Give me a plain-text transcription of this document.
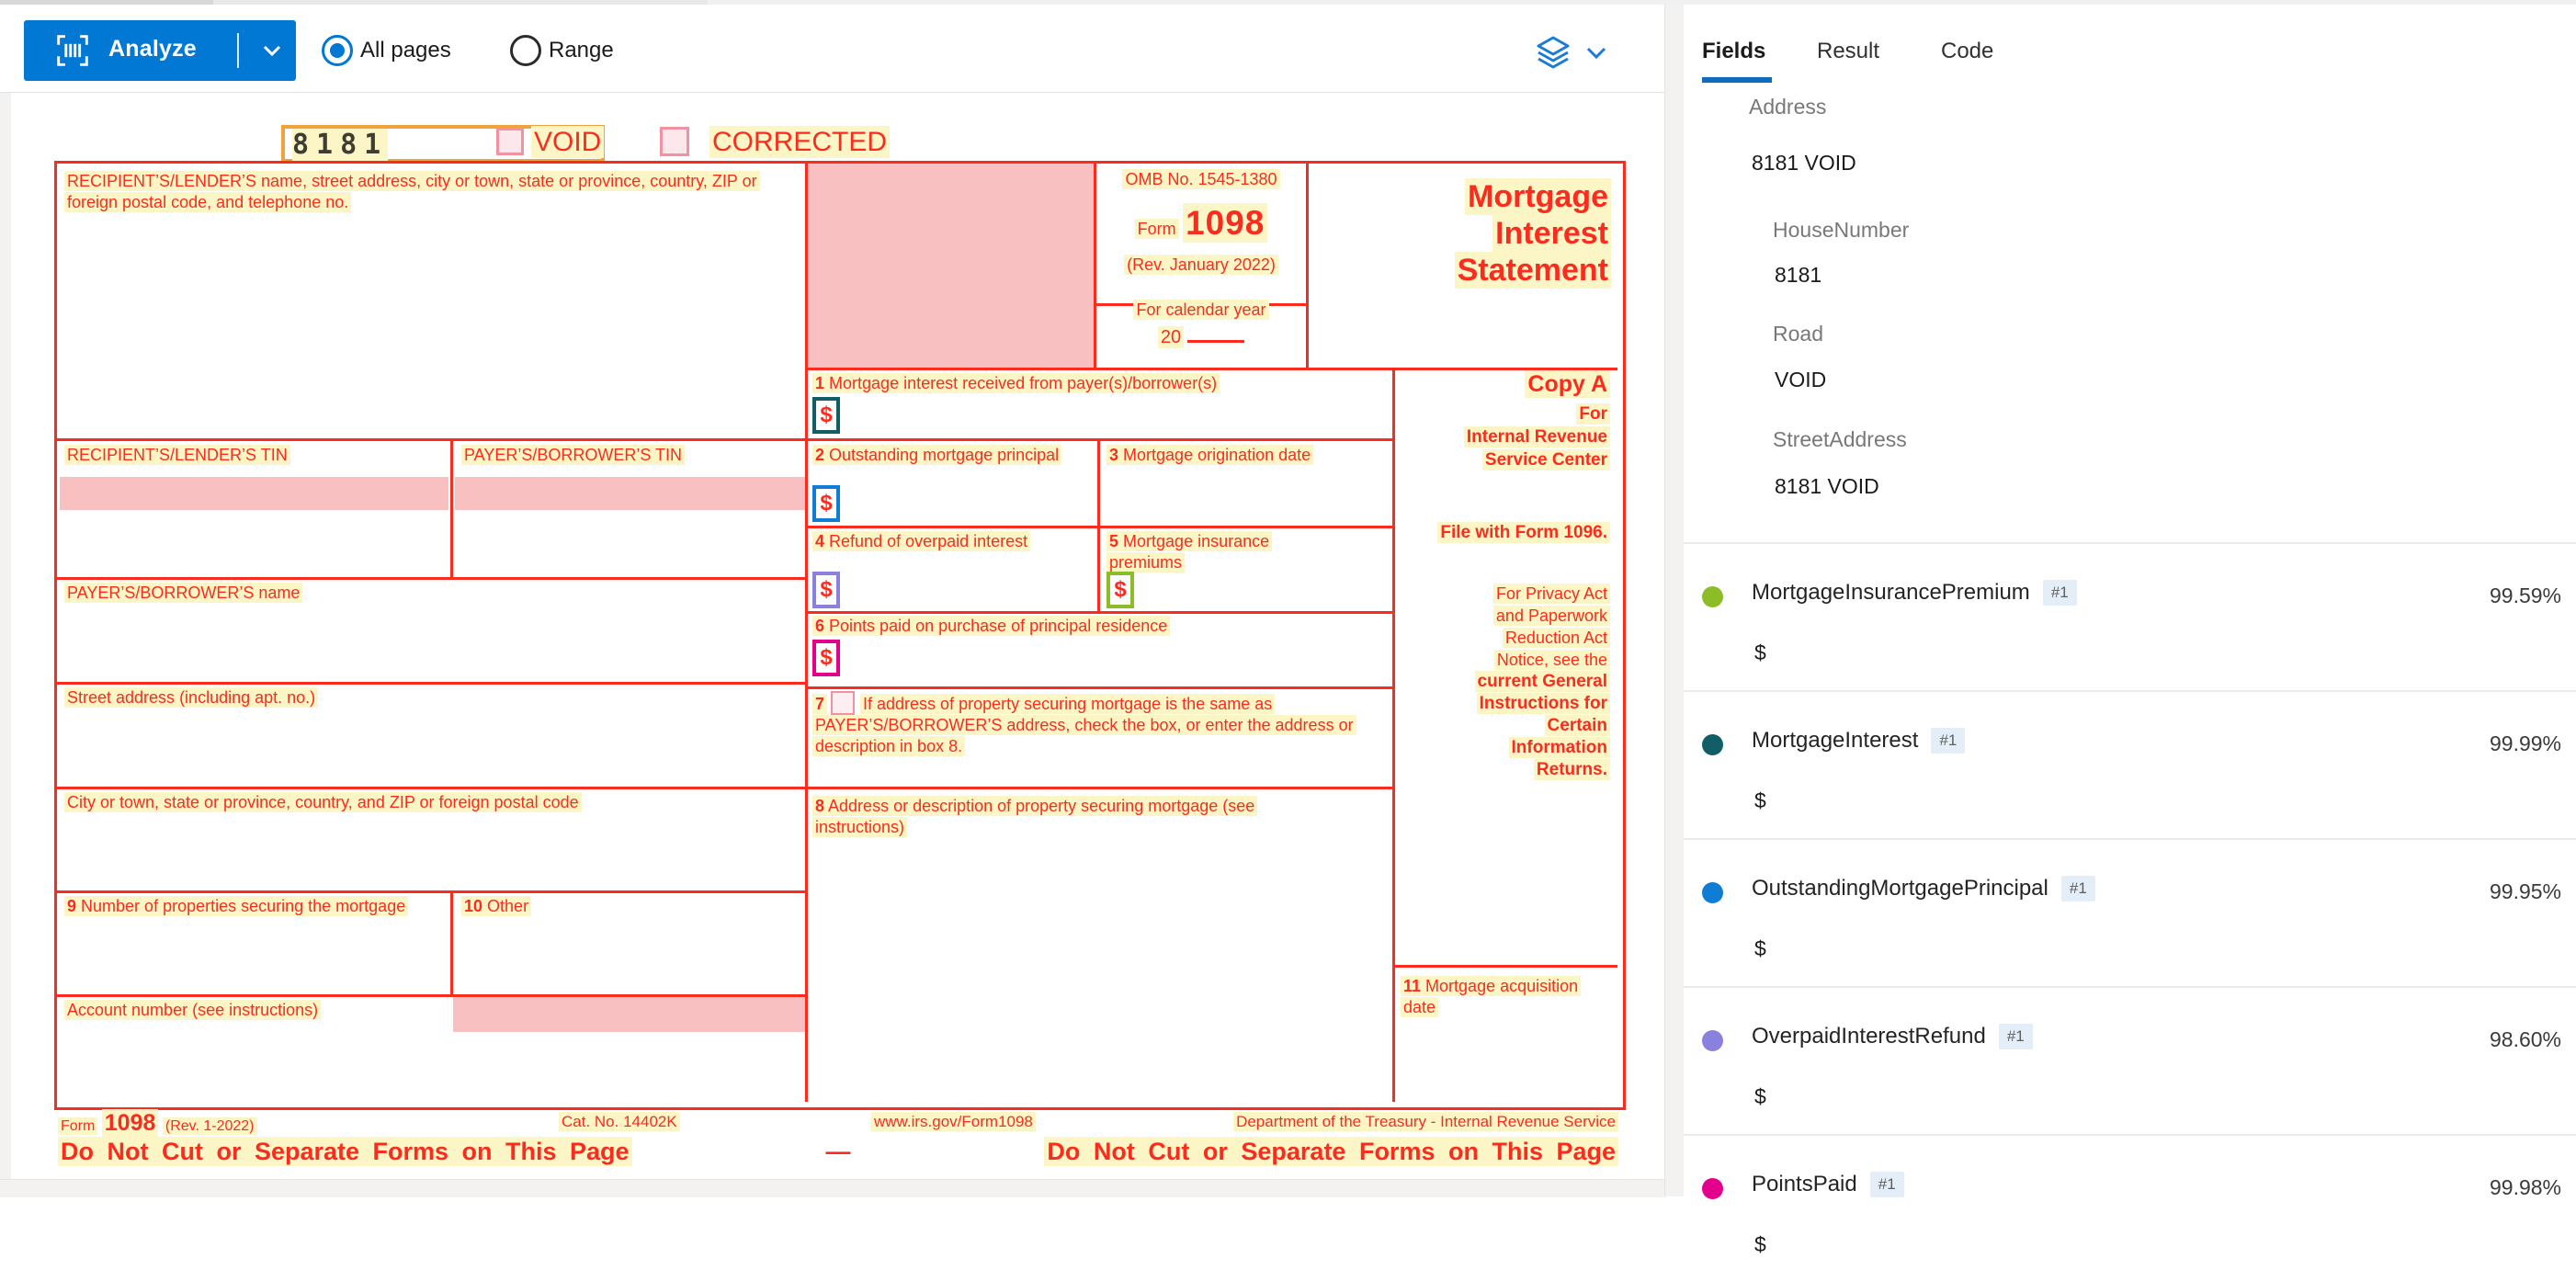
Analyze	All pages	Range
8181	VOID	CORRECTED
RECIPIENT’S/LENDER’S name, street address, city or town, state or province, country, ZIP or foreign postal code, and telephone no.
RECIPIENT’S/LENDER’S TIN	PAYER’S/BORROWER’S TIN
PAYER’S/BORROWER’S name
Street address (including apt. no.)
City or town, state or province, country, and ZIP or foreign postal code
9 Number of properties securing the mortgage	10 Other
Account number (see instructions)
1 Mortgage interest received from payer(s)/borrower(s)
2 Outstanding mortgage principal	3 Mortgage origination date
4 Refund of overpaid interest	5 Mortgage insurance premiums
6 Points paid on purchase of principal residence
7 If address of property securing mortgage is the same as PAYER’S/BORROWER’S address, check the box, or enter the address or description in box 8.
8 Address or description of property securing mortgage (see instructions)
11 Mortgage acquisition date
$
$
$	$
$
OMB No. 1545-1380
Form 1098
(Rev. January 2022)
For calendar year
20
Mortgage
Interest
Statement
Copy A
For
Internal Revenue
Service Center
File with Form 1096.
For Privacy Act
and Paperwork
Reduction Act
Notice, see the
current General
Instructions for
Certain
Information
Returns.
Form 1098 (Rev. 1-2022)	Cat. No. 14402K	www.irs.gov/Form1098	Department of the Treasury - Internal Revenue Service
Do Not Cut or Separate Forms on This Page	—	Do Not Cut or Separate Forms on This Page
Fields Result	Code
Address
8181 VOID
HouseNumber
8181
Road
VOID
StreetAddress
8181 VOID
MortgageInsurancePremium	#1	99.59%
$
MortgageInterest	#1	99.99%
$
OutstandingMortgagePrincipal	#1	99.95%
$
OverpaidInterestRefund	#1	98.60%
$
PointsPaid	#1	99.98%
$
